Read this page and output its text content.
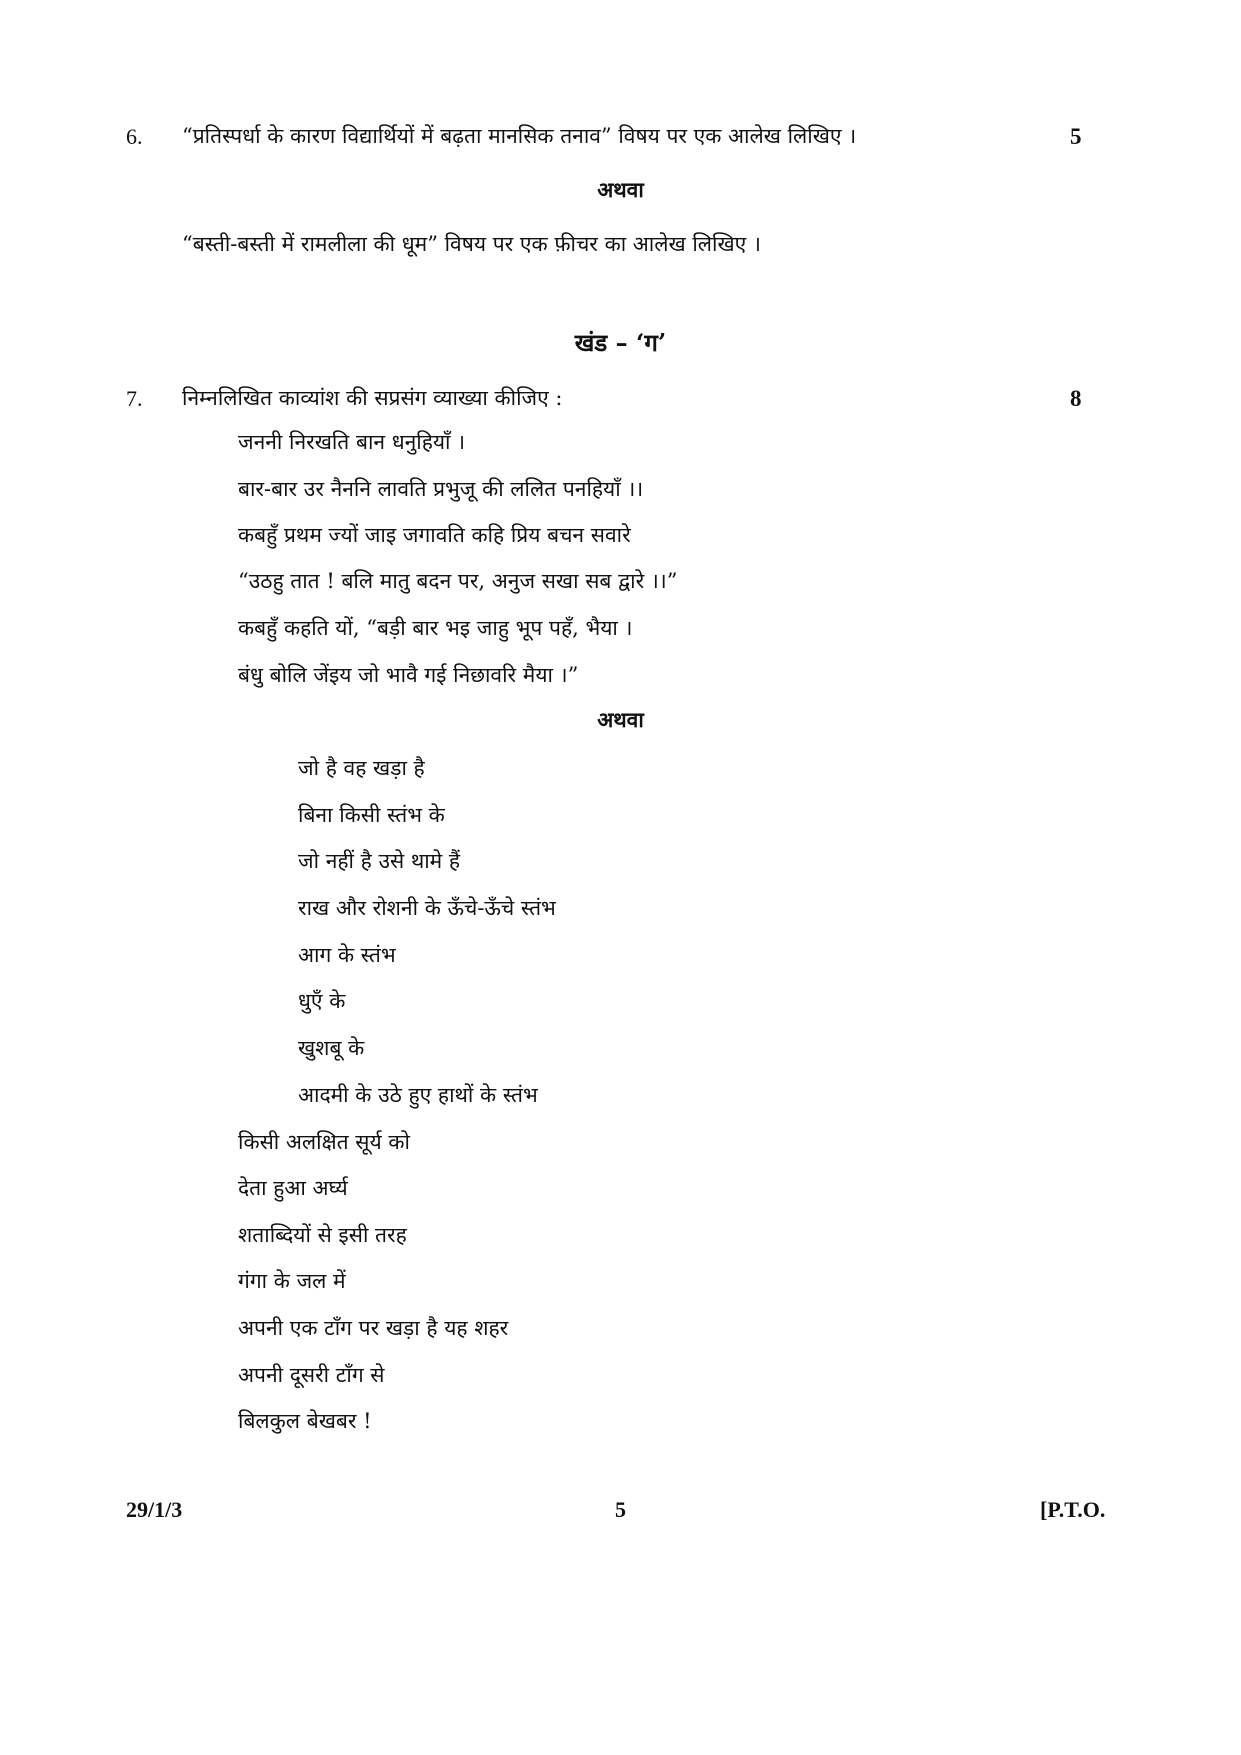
6. “प्रतिस्पर्धा के कारण विद्यार्थियों में बढ़ता मानसिक तनाव” विषय पर एक आलेख लिखिए ।	5
अथवा
“बस्ती-बस्ती में रामलीला की धूम” विषय पर एक फ़ीचर का आलेख लिखिए ।
खंड – ‘ग’
7. निम्नलिखित काव्यांश की सप्रसंग व्याख्या कीजिए :	8
जननी निरखति बान धनुहियाँ ।
बार-बार उर नैननि लावति प्रभुजू की ललित पनहियाँ ।।
कबहुँ प्रथम ज्यों जाइ जगावति कहि प्रिय बचन सवारे
“उठहु तात ! बलि मातु बदन पर, अनुज सखा सब द्वारे ।।”
कबहुँ कहति यों, “बड़ी बार भइ जाहु भूप पहँ, भैया ।
बंधु बोलि जेंइय जो भावै गई निछावरि मैया ।”
अथवा
जो है वह खड़ा है
बिना किसी स्तंभ के
जो नहीं है उसे थामे हैं
राख और रोशनी के ऊँचे-ऊँचे स्तंभ
आग के स्तंभ
धुएँ के
खुशबू के
आदमी के उठे हुए हाथों के स्तंभ
किसी अलक्षित सूर्य को
देता हुआ अर्घ्य
शताब्दियों से इसी तरह
गंगा के जल में
अपनी एक टाँग पर खड़ा है यह शहर
अपनी दूसरी टाँग से
बिलकुल बेखबर !
29/1/3	5	[P.T.O.
